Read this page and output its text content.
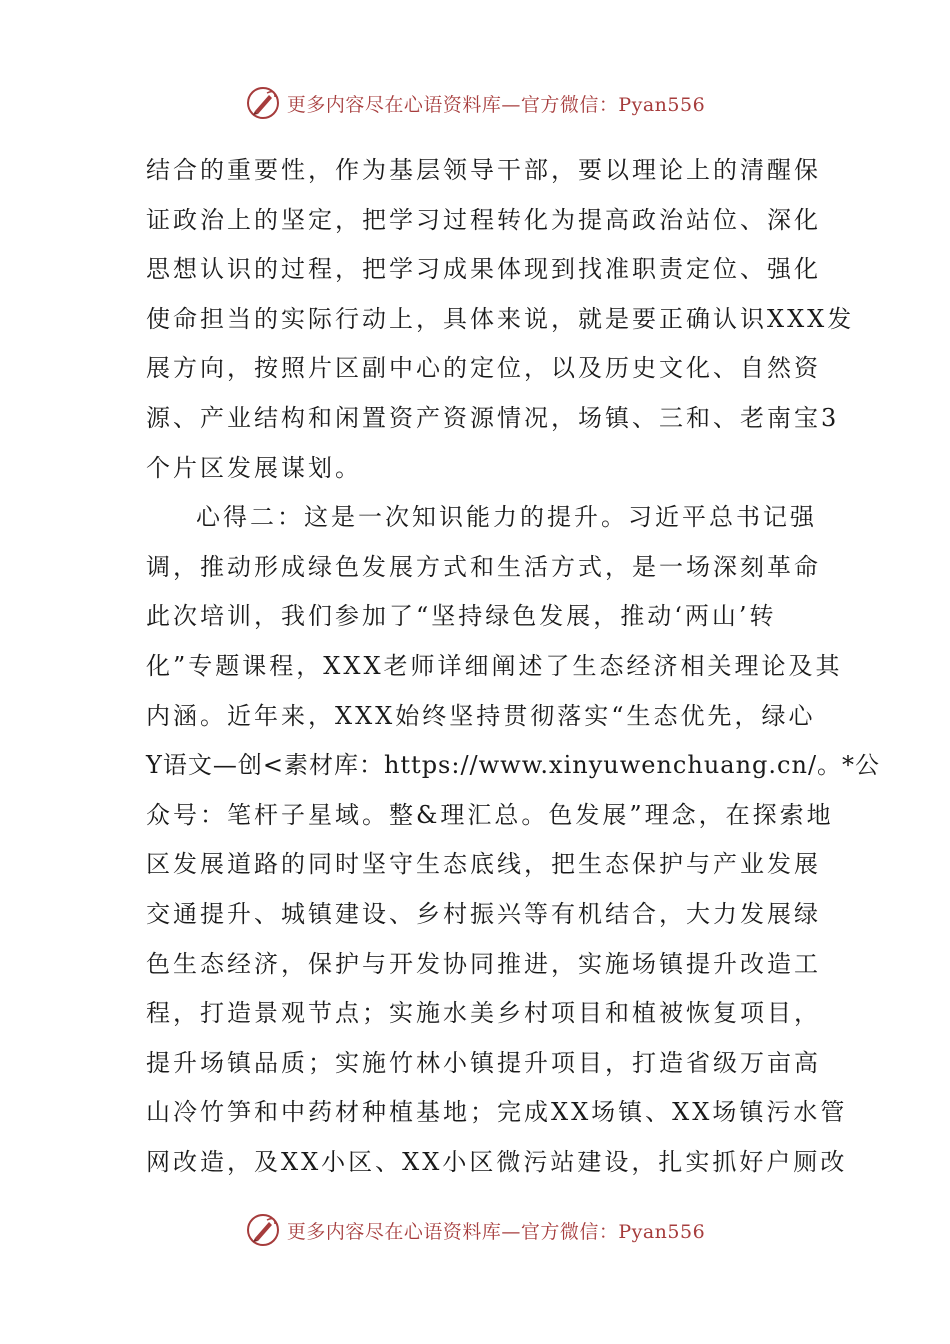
更多内容尽在心语资料库—官方微信：Pyan556
结合的重要性，作为基层领导干部，要以理论上的清醒保
证政治上的坚定，把学习过程转化为提高政治站位、深化
思想认识的过程，把学习成果体现到找准职责定位、强化
使命担当的实际行动上，具体来说，就是要正确认识XXX发
展方向，按照片区副中心的定位，以及历史文化、自然资
源、产业结构和闲置资产资源情况，场镇、三和、老南宝3
个片区发展谋划。
心得二：这是一次知识能力的提升。习近平总书记强
调，推动形成绿色发展方式和生活方式，是一场深刻革命
此次培训，我们参加了“坚持绿色发展，推动‘两山’转
化”专题课程，XXX老师详细阐述了生态经济相关理论及其
内涵。近年来，XXX始终坚持贯彻落实“生态优先，绿心
Y语文—创<素材库：https://www.xinyuwenchuang.cn/。*公
众号：笔杆子星域。整&理汇总。色发展”理念，在探索地
区发展道路的同时坚守生态底线，把生态保护与产业发展
交通提升、城镇建设、乡村振兴等有机结合，大力发展绿
色生态经济，保护与开发协同推进，实施场镇提升改造工
程，打造景观节点；实施水美乡村项目和植被恢复项目，
提升场镇品质；实施竹林小镇提升项目，打造省级万亩高
山冷竹笋和中药材种植基地；完成XX场镇、XX场镇污水管
网改造，及XX小区、XX小区微污站建设，扎实抓好户厕改
更多内容尽在心语资料库—官方微信：Pyan556
